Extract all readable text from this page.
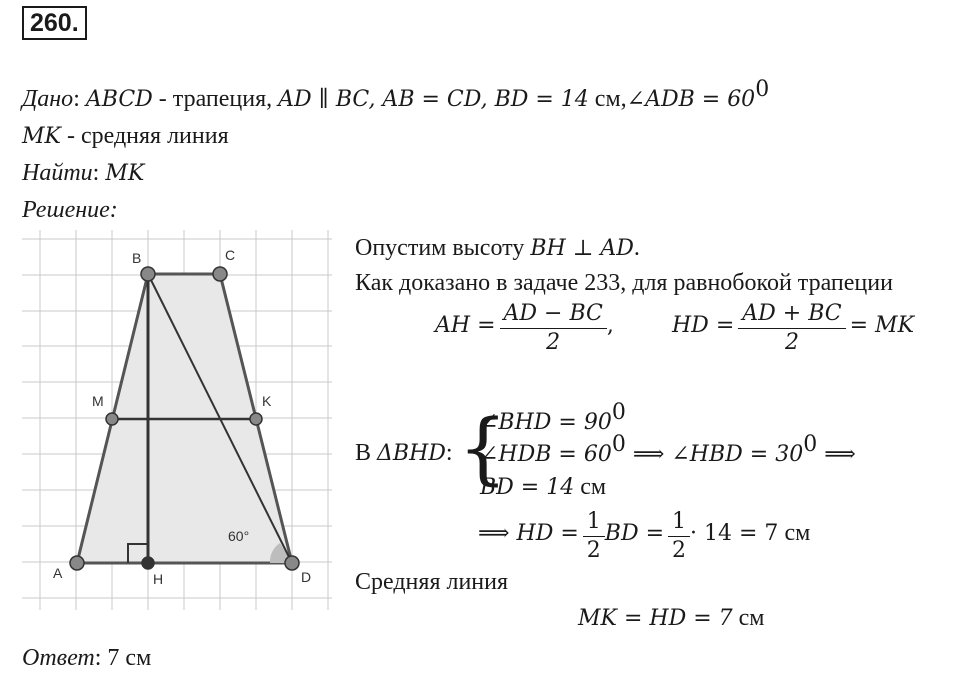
260.
Дано: ABCD - трапеция, AD ∥ BC, AB = CD, BD = 14 см,∠ADB = $60^0$
MK - средняя линия
Найти: MK
Решение:
A
B	C
D
M	K
H
60°
Опустим высоту BH ⊥ AD.
Как доказано в задаче 233, для равнобокой трапеции
AH = $\frac{AD - BC}{2}$ ,	HD = $\frac{AD + BC}{2}$ = MK
В ΔBHD: {
∠BHD = $90^0$
∠HDB = $60^0$ ⟹ ∠HBD = $30^0$ ⟹
BD = 14 см
⟹ HD = $\frac{1}{2}$ BD = $\frac{1}{2} \cdot 14 = 7$ см
Средняя линия
MK = HD = 7 см
Ответ: 7 см
